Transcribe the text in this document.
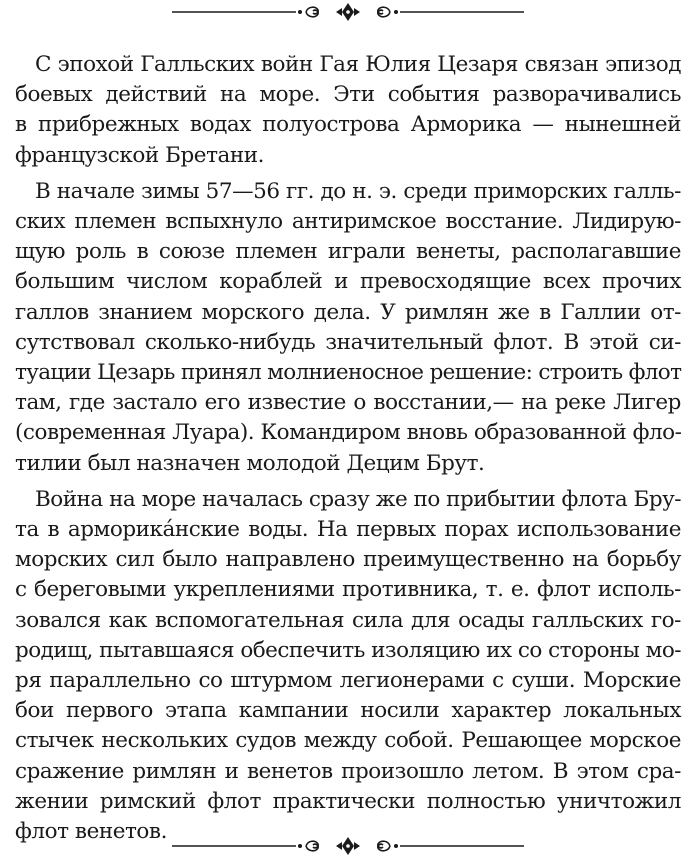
С эпохой Галльских войн Гая Юлия Цезаря связан эпизод
боевых действий на море. Эти события разворачивались
в прибрежных водах полуострова Арморика — нынешней
французской Бретани.
В начале зимы 57—56 гг. до н. э. среди приморских галль-
ских племен вспыхнуло антиримское восстание. Лидирую-
щую роль в союзе племен играли венеты, располагавшие
большим числом кораблей и превосходящие всех прочих
галлов знанием морского дела. У римлян же в Галлии от-
сутствовал сколько-нибудь значительный флот. В этой си-
туации Цезарь принял молниеносное решение: строить флот
там, где застало его известие о восстании,— на реке Лигер
(современная Луара). Командиром вновь образованной фло-
тилии был назначен молодой Децим Брут.
Война на море началась сразу же по прибытии флота Бру-
та в арморикáнские воды. На первых порах использование
морских сил было направлено преимущественно на борьбу
с береговыми укреплениями противника, т. е. флот исполь-
зовался как вспомогательная сила для осады галльских го-
родищ, пытавшаяся обеспечить изоляцию их со стороны мо-
ря параллельно со штурмом легионерами с суши. Морские
бои первого этапа кампании носили характер локальных
стычек нескольких судов между собой. Решающее морское
сражение римлян и венетов произошло летом. В этом сра-
жении римский флот практически полностью уничтожил
флот венетов.
